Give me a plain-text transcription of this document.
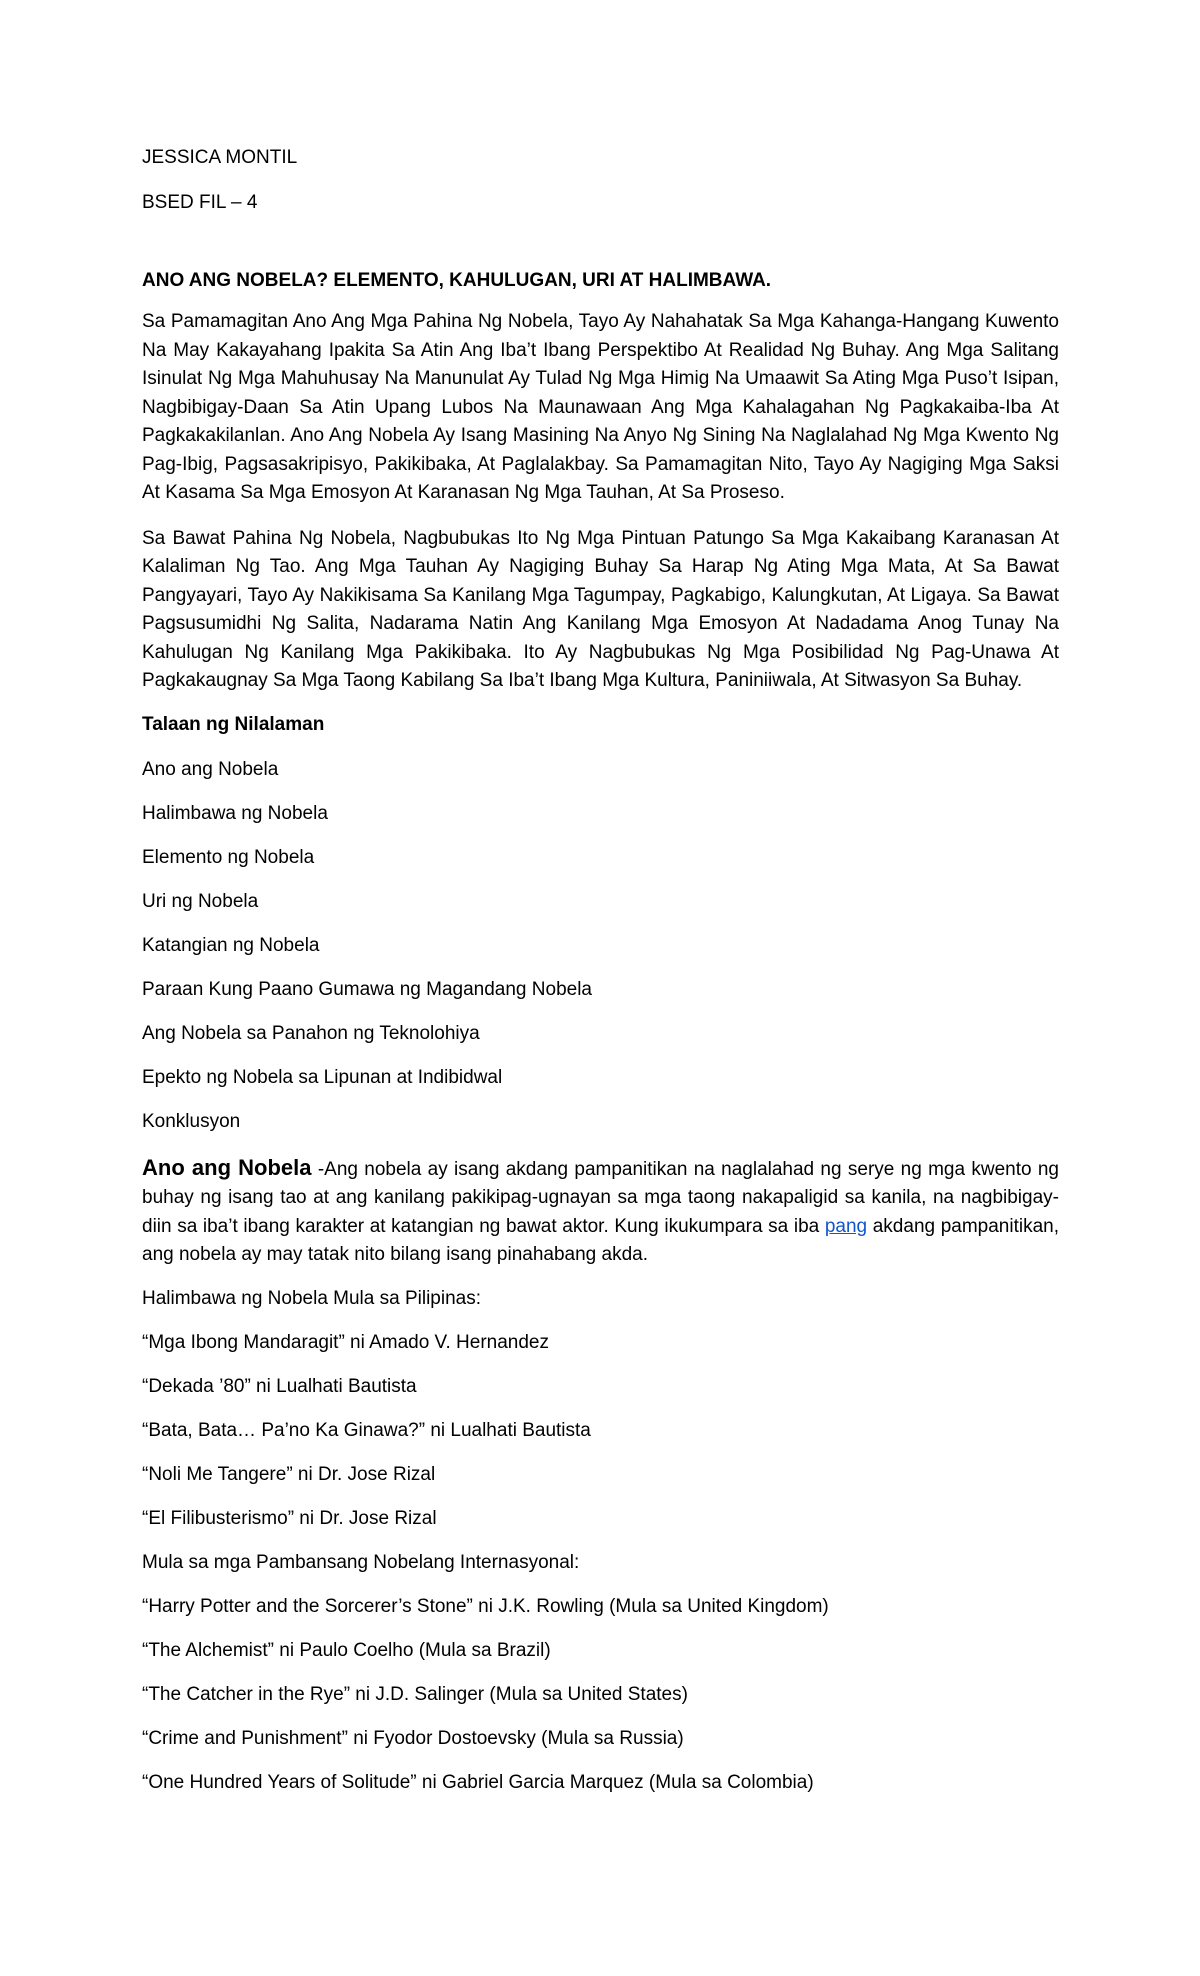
JESSICA MONTIL
BSED FIL – 4
ANO ANG NOBELA? ELEMENTO, KAHULUGAN, URI AT HALIMBAWA.

Sa Pamamagitan Ano Ang Mga Pahina Ng Nobela, Tayo Ay Nahahatak Sa Mga Kahanga-Hangang Kuwento Na May Kakayahang Ipakita Sa Atin Ang Iba’t Ibang Perspektibo At Realidad Ng Buhay. Ang Mga Salitang Isinulat Ng Mga Mahuhusay Na Manunulat Ay Tulad Ng Mga Himig Na Umaawit Sa Ating Mga Puso’t Isipan, Nagbibigay-Daan Sa Atin Upang Lubos Na Maunawaan Ang Mga Kahalagahan Ng Pagkakaiba-Iba At Pagkakakilanlan. Ano Ang Nobela Ay Isang Masining Na Anyo Ng Sining Na Naglalahad Ng Mga Kwento Ng Pag-Ibig, Pagsasakripisyo, Pakikibaka, At Paglalakbay. Sa Pamamagitan Nito, Tayo Ay Nagiging Mga Saksi At Kasama Sa Mga Emosyon At Karanasan Ng Mga Tauhan, At Sa Proseso.

Sa Bawat Pahina Ng Nobela, Nagbubukas Ito Ng Mga Pintuan Patungo Sa Mga Kakaibang Karanasan At Kalaliman Ng Tao. Ang Mga Tauhan Ay Nagiging Buhay Sa Harap Ng Ating Mga Mata, At Sa Bawat Pangyayari, Tayo Ay Nakikisama Sa Kanilang Mga Tagumpay, Pagkabigo, Kalungkutan, At Ligaya. Sa Bawat Pagsusumidhi Ng Salita, Nadarama Natin Ang Kanilang Mga Emosyon At Nadadama Anog Tunay Na Kahulugan Ng Kanilang Mga Pakikibaka. Ito Ay Nagbubukas Ng Mga Posibilidad Ng Pag-Unawa At Pagkakaugnay Sa Mga Taong Kabilang Sa Iba’t Ibang Mga Kultura, Paniniiwala, At Sitwasyon Sa Buhay.

Talaan ng Nilalaman
Ano ang Nobela
Halimbawa ng Nobela
Elemento ng Nobela
Uri ng Nobela
Katangian ng Nobela
Paraan Kung Paano Gumawa ng Magandang Nobela
Ang Nobela sa Panahon ng Teknolohiya
Epekto ng Nobela sa Lipunan at Indibidwal
Konklusyon

Ano ang Nobela -Ang nobela ay isang akdang pampanitikan na naglalahad ng serye ng mga kwento ng buhay ng isang tao at ang kanilang pakikipag-ugnayan sa mga taong nakapaligid sa kanila, na nagbibigay-diin sa iba’t ibang karakter at katangian ng bawat aktor. Kung ikukumpara sa iba pang akdang pampanitikan, ang nobela ay may tatak nito bilang isang pinahabang akda.

Halimbawa ng Nobela Mula sa Pilipinas:
“Mga Ibong Mandaragit” ni Amado V. Hernandez
“Dekada ’80” ni Lualhati Bautista
“Bata, Bata… Pa’no Ka Ginawa?” ni Lualhati Bautista
“Noli Me Tangere” ni Dr. Jose Rizal
“El Filibusterismo” ni Dr. Jose Rizal
Mula sa mga Pambansang Nobelang Internasyonal:
“Harry Potter and the Sorcerer’s Stone” ni J.K. Rowling (Mula sa United Kingdom)
“The Alchemist” ni Paulo Coelho (Mula sa Brazil)
“The Catcher in the Rye” ni J.D. Salinger (Mula sa United States)
“Crime and Punishment” ni Fyodor Dostoevsky (Mula sa Russia)
“One Hundred Years of Solitude” ni Gabriel Garcia Marquez (Mula sa Colombia)
